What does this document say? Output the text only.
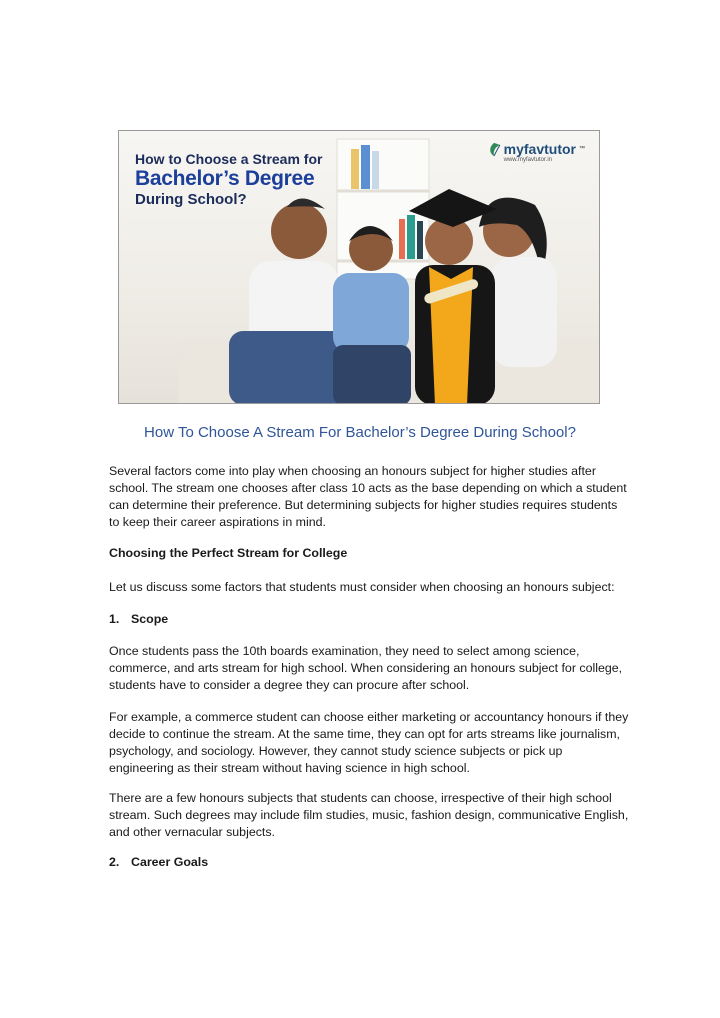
How to Choose a Stream for
Bachelor’s Degree
During School?
myfavtutor ™
www.myfavtutor.in
How To Choose A Stream For Bachelor’s Degree During School?

Several factors come into play when choosing an honours subject for higher studies after school. The stream one chooses after class 10 acts as the base depending on which a student can determine their preference. But determining subjects for higher studies requires students to keep their career aspirations in mind.

Choosing the Perfect Stream for College

Let us discuss some factors that students must consider when choosing an honours subject:

1. Scope

Once students pass the 10th boards examination, they need to select among science, commerce, and arts stream for high school. When considering an honours subject for college, students have to consider a degree they can procure after school.

For example, a commerce student can choose either marketing or accountancy honours if they decide to continue the stream. At the same time, they can opt for arts streams like journalism, psychology, and sociology. However, they cannot study science subjects or pick up engineering as their stream without having science in high school.

There are a few honours subjects that students can choose, irrespective of their high school stream. Such degrees may include film studies, music, fashion design, communicative English, and other vernacular subjects.

2. Career Goals
